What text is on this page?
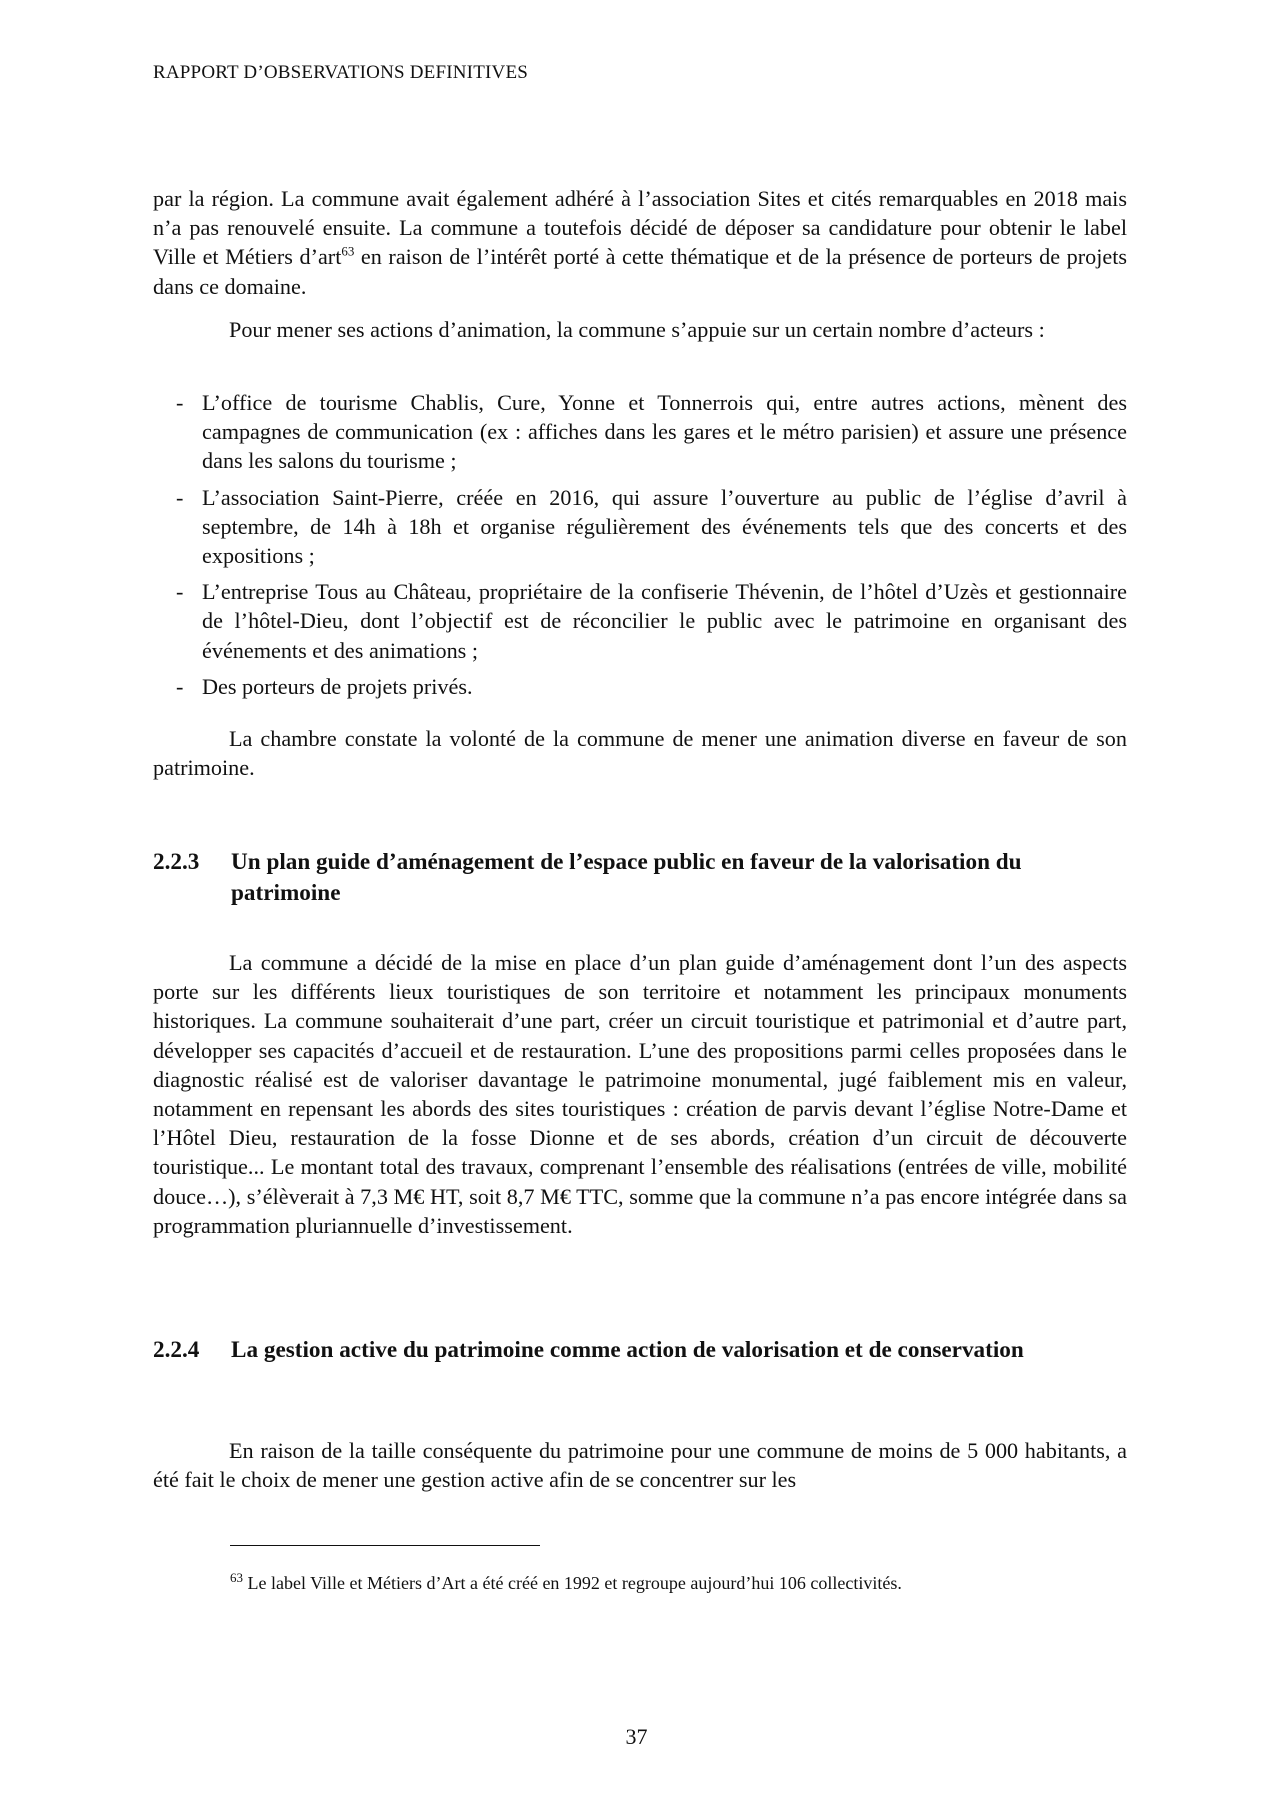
RAPPORT D’OBSERVATIONS DEFINITIVES

par la région. La commune avait également adhéré à l’association Sites et cités remarquables en 2018 mais n’a pas renouvelé ensuite. La commune a toutefois décidé de déposer sa candidature pour obtenir le label Ville et Métiers d’art$^{63}$ en raison de l’intérêt porté à cette thématique et de la présence de porteurs de projets dans ce domaine.

Pour mener ses actions d’animation, la commune s’appuie sur un certain nombre d’acteurs :

- L’office de tourisme Chablis, Cure, Yonne et Tonnerrois qui, entre autres actions, mènent des campagnes de communication (ex : affiches dans les gares et le métro parisien) et assure une présence dans les salons du tourisme ;
- L’association Saint-Pierre, créée en 2016, qui assure l’ouverture au public de l’église d’avril à septembre, de 14h à 18h et organise régulièrement des événements tels que des concerts et des expositions ;
- L’entreprise Tous au Château, propriétaire de la confiserie Thévenin, de l’hôtel d’Uzès et gestionnaire de l’hôtel-Dieu, dont l’objectif est de réconcilier le public avec le patrimoine en organisant des événements et des animations ;
- Des porteurs de projets privés.

La chambre constate la volonté de la commune de mener une animation diverse en faveur de son patrimoine.

2.2.3 Un plan guide d’aménagement de l’espace public en faveur de la valorisation du patrimoine

La commune a décidé de la mise en place d’un plan guide d’aménagement dont l’un des aspects porte sur les différents lieux touristiques de son territoire et notamment les principaux monuments historiques. La commune souhaiterait d’une part, créer un circuit touristique et patrimonial et d’autre part, développer ses capacités d’accueil et de restauration. L’une des propositions parmi celles proposées dans le diagnostic réalisé est de valoriser davantage le patrimoine monumental, jugé faiblement mis en valeur, notamment en repensant les abords des sites touristiques : création de parvis devant l’église Notre-Dame et l’Hôtel Dieu, restauration de la fosse Dionne et de ses abords, création d’un circuit de découverte touristique... Le montant total des travaux, comprenant l’ensemble des réalisations (entrées de ville, mobilité douce…), s’élèverait à 7,3 M€ HT, soit 8,7 M€ TTC, somme que la commune n’a pas encore intégrée dans sa programmation pluriannuelle d’investissement.

2.2.4 La gestion active du patrimoine comme action de valorisation et de conservation

En raison de la taille conséquente du patrimoine pour une commune de moins de 5 000 habitants, a été fait le choix de mener une gestion active afin de se concentrer sur les

$^{63}$ Le label Ville et Métiers d’Art a été créé en 1992 et regroupe aujourd’hui 106 collectivités.
37
